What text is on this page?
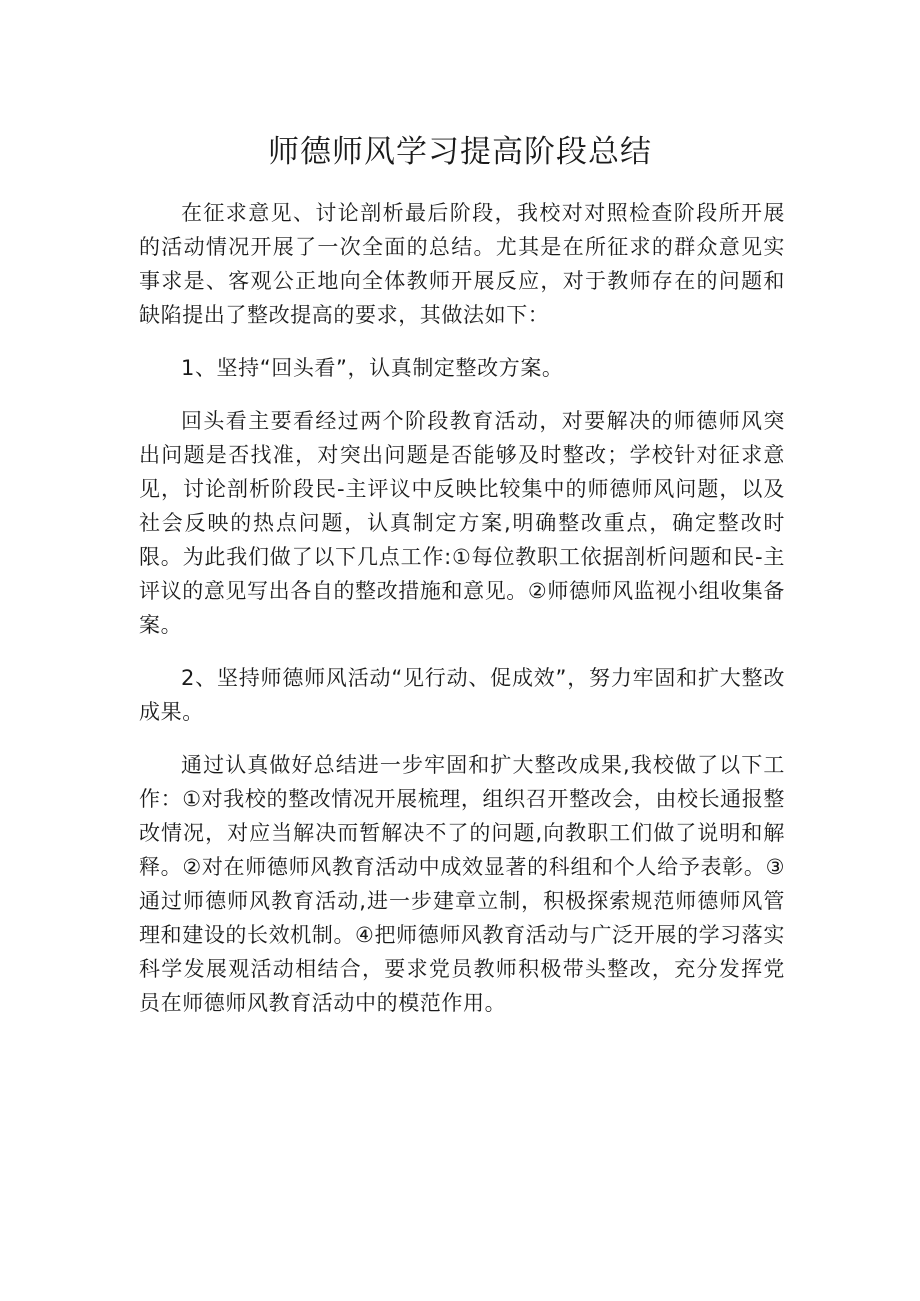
师德师风学习提高阶段总结

在征求意见、讨论剖析最后阶段，我校对对照检查阶段所开展的活动情况开展了一次全面的总结。尤其是在所征求的群众意见实事求是、客观公正地向全体教师开展反应，对于教师存在的问题和缺陷提出了整改提高的要求，其做法如下：

1、坚持“回头看”，认真制定整改方案。

回头看主要看经过两个阶段教育活动，对要解决的师德师风突出问题是否找准，对突出问题是否能够及时整改；学校针对征求意见，讨论剖析阶段民-主评议中反映比较集中的师德师风问题，以及社会反映的热点问题，认真制定方案,明确整改重点，确定整改时限。为此我们做了以下几点工作:①每位教职工依据剖析问题和民-主评议的意见写出各自的整改措施和意见。②师德师风监视小组收集备案。

2、坚持师德师风活动“见行动、促成效”，努力牢固和扩大整改成果。

通过认真做好总结进一步牢固和扩大整改成果,我校做了以下工作：①对我校的整改情况开展梳理，组织召开整改会，由校长通报整改情况，对应当解决而暂解决不了的问题,向教职工们做了说明和解释。②对在师德师风教育活动中成效显著的科组和个人给予表彰。③通过师德师风教育活动,进一步建章立制，积极探索规范师德师风管理和建设的长效机制。④把师德师风教育活动与广泛开展的学习落实科学发展观活动相结合，要求党员教师积极带头整改，充分发挥党员在师德师风教育活动中的模范作用。
